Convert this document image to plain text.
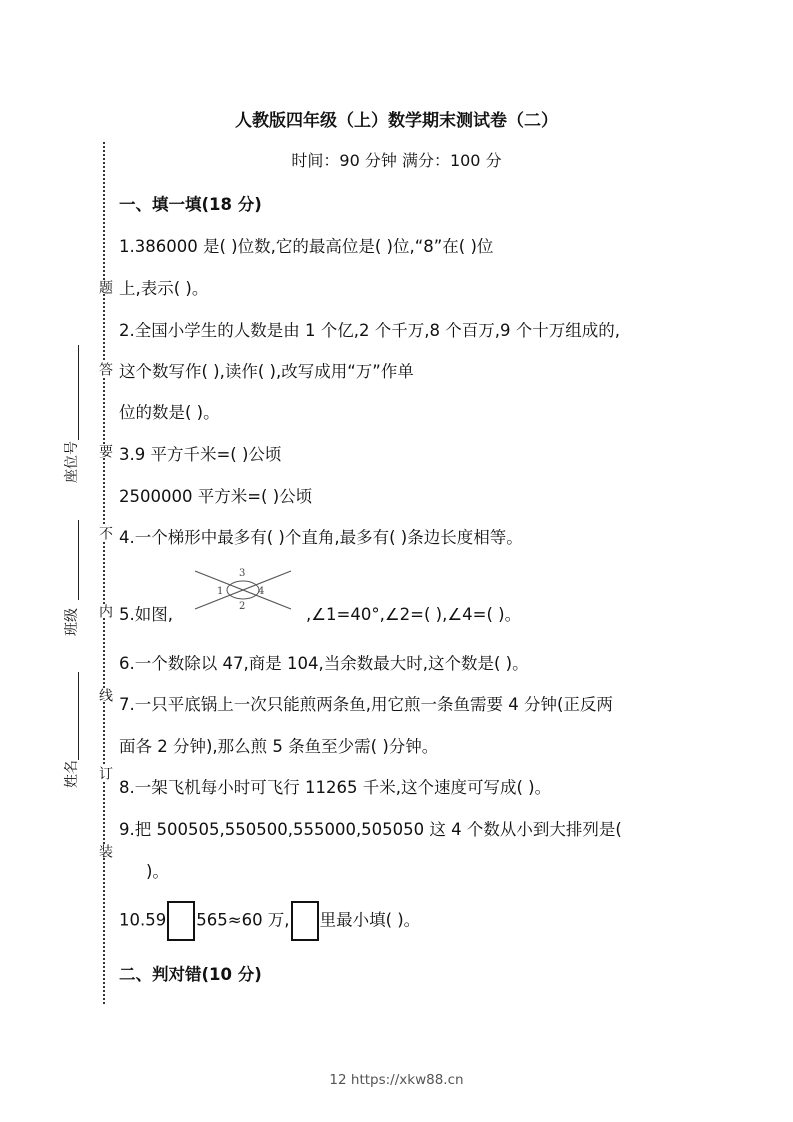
人教版四年级（上）数学期末测试卷（二）
时间：90 分钟 满分：100 分
题
答
要
不
内
线
订
装
座位号
班级
姓名
一、填一填(18 分)
1.386000 是( )位数,它的最高位是( )位,“8”在( )位
上,表示( )。
2.全国小学生的人数是由 1 个亿,2 个千万,8 个百万,9 个十万组成的,
这个数写作( ),读作( ),改写成用“万”作单
位的数是( )。
3.9 平方千米=( )公顷
2500000 平方米=( )公顷
4.一个梯形中最多有( )个直角,最多有( )条边长度相等。
5.如图,
3
1	4
2	,∠1=40°,∠2=( ),∠4=( )。
6.一个数除以 47,商是 104,当余数最大时,这个数是( )。
7.一只平底锅上一次只能煎两条鱼,用它煎一条鱼需要 4 分钟(正反两
面各 2 分钟),那么煎 5 条鱼至少需( )分钟。
8.一架飞机每小时可飞行 11265 千米,这个速度可写成( )。
9.把 500505,550500,555000,505050 这 4 个数从小到大排列是(
)。
10.59 565≈60 万, 里最小填( )。
二、判对错(10 分)
12 https://xkw88.cn
